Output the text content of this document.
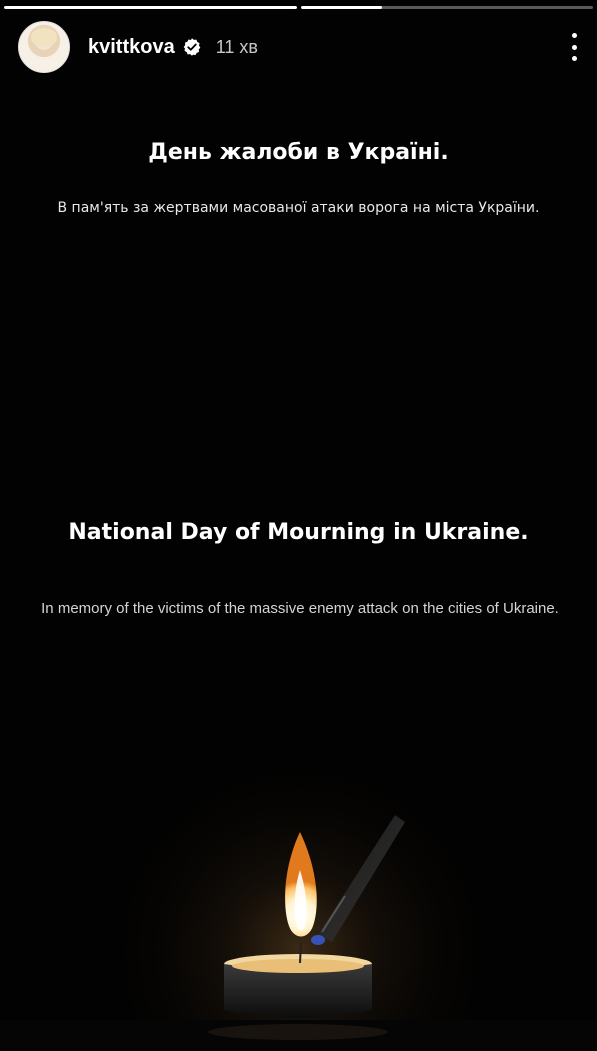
kvittkova 11 хв
День жалоби в Україні.
В пам'ять за жертвами масованої атаки ворога на міста України.
National Day of Mourning in Ukraine.
In memory of the victims of the massive enemy attack on the cities of Ukraine.
